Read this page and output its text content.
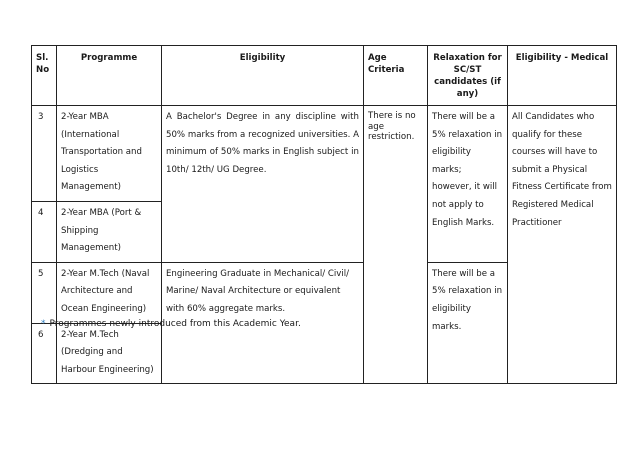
Sl. No	Programme	Eligibility	Age Criteria	Relaxation for SC/ST candidates (if any)	Eligibility - Medical
3	2-Year MBA (International Transportation and Logistics Management)	A Bachelor's Degree in any discipline with 50% marks from a recognized universities. A minimum of 50% marks in English subject in 10th/ 12th/ UG Degree.	There is no age restriction.	There will be a 5% relaxation in eligibility marks; however, it will not apply to English Marks.	All Candidates who qualify for these courses will have to submit a Physical Fitness Certificate from Registered Medical Practitioner
4	2-Year MBA (Port & Shipping Management)				
5	2-Year M.Tech (Naval Architecture and Ocean Engineering)	Engineering Graduate in Mechanical/ Civil/ Marine/ Naval Architecture or equivalent with 60% aggregate marks.		There will be a 5% relaxation in eligibility marks.	
6	2-Year M.Tech (Dredging and Harbour Engineering)				
* Programmes newly introduced from this Academic Year.
